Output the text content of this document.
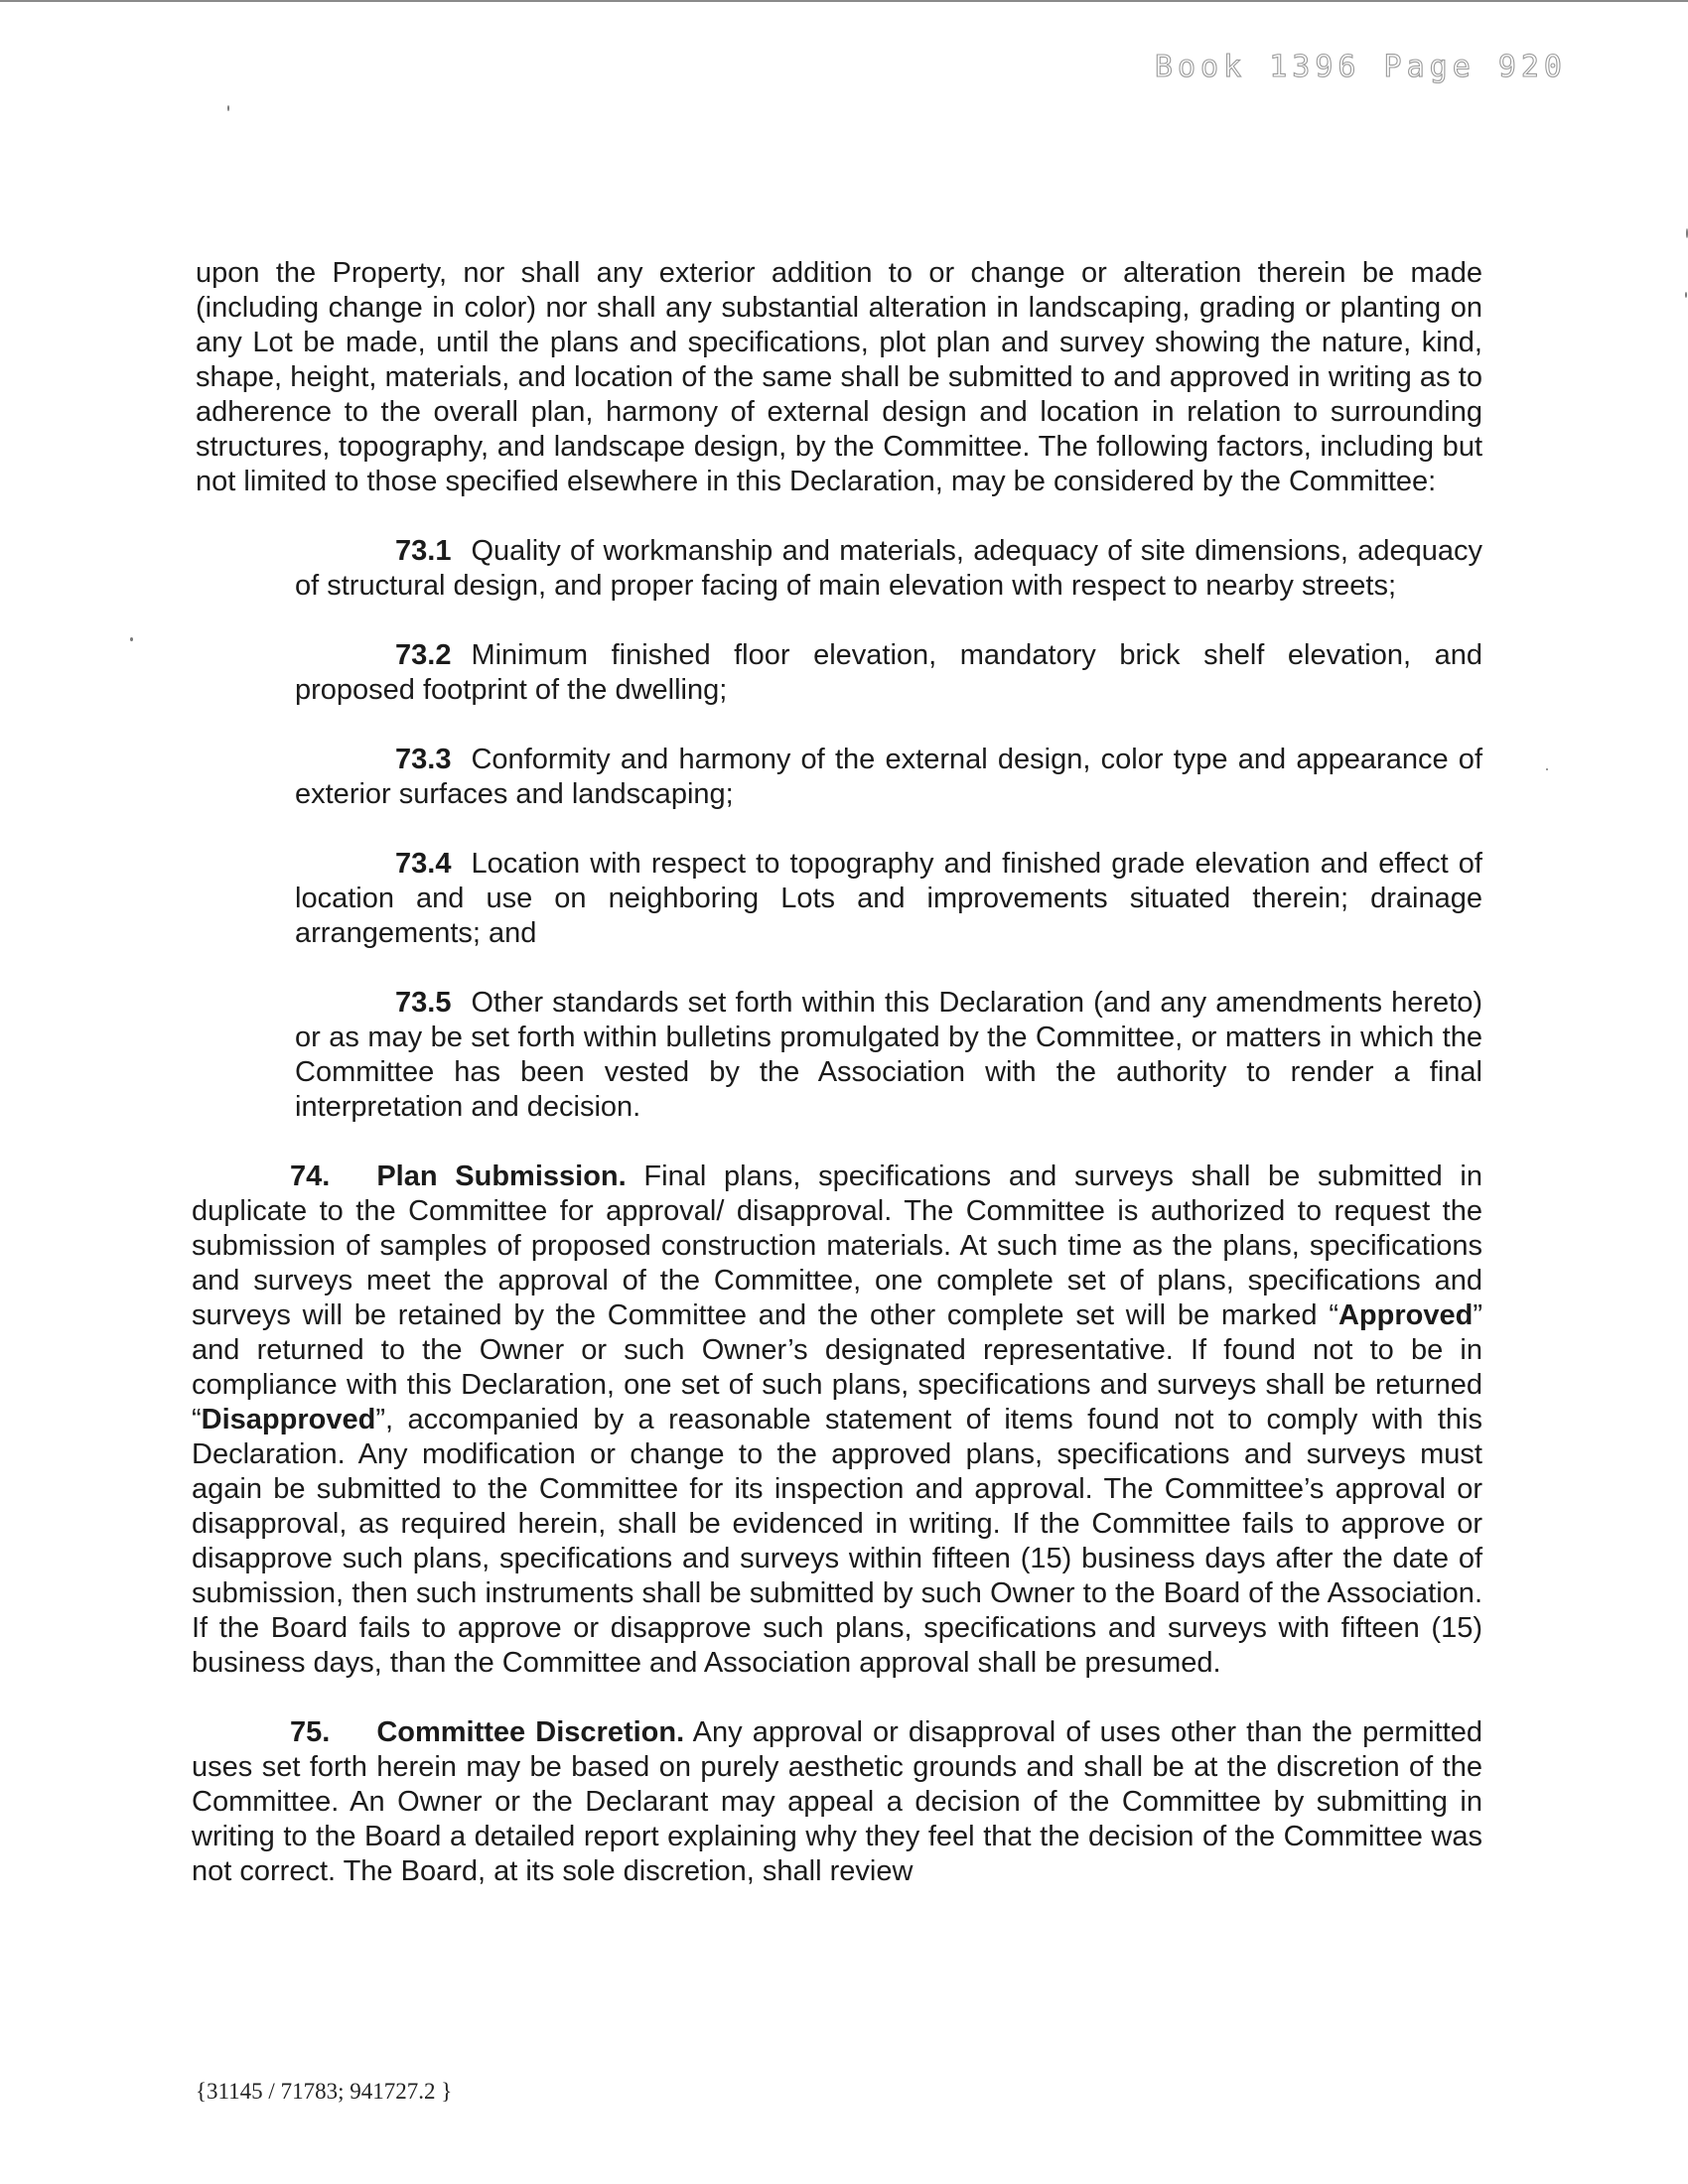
Book 1396 Page 920

upon the Property, nor shall any exterior addition to or change or alteration therein be made (including change in color) nor shall any substantial alteration in landscaping, grading or planting on any Lot be made, until the plans and specifications, plot plan and survey showing the nature, kind, shape, height, materials, and location of the same shall be submitted to and approved in writing as to adherence to the overall plan, harmony of external design and location in relation to surrounding structures, topography, and landscape design, by the Committee. The following factors, including but not limited to those specified elsewhere in this Declaration, may be considered by the Committee:

73.1 Quality of workmanship and materials, adequacy of site dimensions, adequacy of structural design, and proper facing of main elevation with respect to nearby streets;

73.2 Minimum finished floor elevation, mandatory brick shelf elevation, and proposed footprint of the dwelling;

73.3 Conformity and harmony of the external design, color type and appearance of exterior surfaces and landscaping;

73.4 Location with respect to topography and finished grade elevation and effect of location and use on neighboring Lots and improvements situated therein; drainage arrangements; and

73.5 Other standards set forth within this Declaration (and any amendments hereto) or as may be set forth within bulletins promulgated by the Committee, or matters in which the Committee has been vested by the Association with the authority to render a final interpretation and decision.

74. Plan Submission. Final plans, specifications and surveys shall be submitted in duplicate to the Committee for approval/ disapproval. The Committee is authorized to request the submission of samples of proposed construction materials. At such time as the plans, specifications and surveys meet the approval of the Committee, one complete set of plans, specifications and surveys will be retained by the Committee and the other complete set will be marked “Approved” and returned to the Owner or such Owner’s designated representative. If found not to be in compliance with this Declaration, one set of such plans, specifications and surveys shall be returned “Disapproved”, accompanied by a reasonable statement of items found not to comply with this Declaration. Any modification or change to the approved plans, specifications and surveys must again be submitted to the Committee for its inspection and approval. The Committee’s approval or disapproval, as required herein, shall be evidenced in writing. If the Committee fails to approve or disapprove such plans, specifications and surveys within fifteen (15) business days after the date of submission, then such instruments shall be submitted by such Owner to the Board of the Association. If the Board fails to approve or disapprove such plans, specifications and surveys with fifteen (15) business days, than the Committee and Association approval shall be presumed.

75. Committee Discretion. Any approval or disapproval of uses other than the permitted uses set forth herein may be based on purely aesthetic grounds and shall be at the discretion of the Committee. An Owner or the Declarant may appeal a decision of the Committee by submitting in writing to the Board a detailed report explaining why they feel that the decision of the Committee was not correct. The Board, at its sole discretion, shall review

{31145 / 71783; 941727.2 }
